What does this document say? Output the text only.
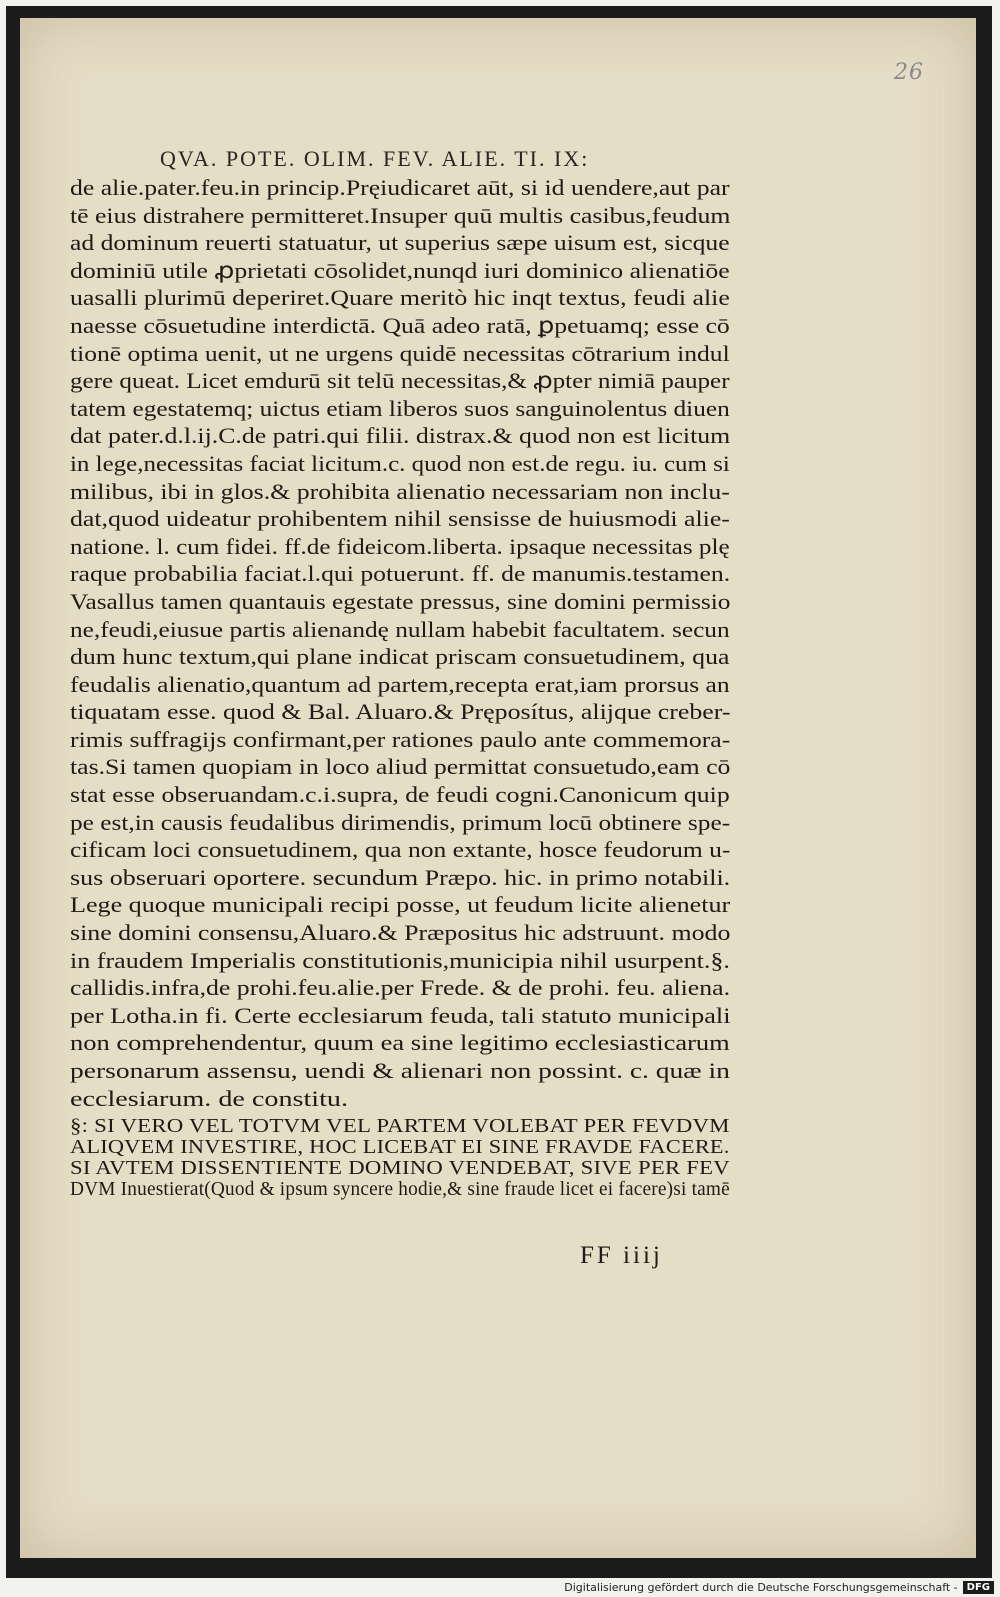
26
QVA. POTE. OLIM. FEV. ALIE. TI. IX:
de alie.pater.feu.in princip.Pręiudicaret aūt, si id uendere,aut par
tē eius distrahere permitteret.Insuper quū multis casibus,feudum
ad dominum reuerti statuatur, ut superius sæpe uisum est, sicque
dominiū utile ꝓprietati cōsolidet,nunqd iuri dominico alienatiōe
uasalli plurimū deperiret.Quare meritò hic inqt textus, feudi alie
naesse cōsuetudine interdictā. Quā adeo ratā, ꝑpetuamq; esse cō
tionē optima uenit, ut ne urgens quidē necessitas cōtrarium indul
gere queat. Licet emdurū sit telū necessitas,& ꝓpter nimiā pauper
tatem egestatemq; uictus etiam liberos suos sanguinolentus diuen
dat pater.d.l.ij.C.de patri.qui filii. distrax.& quod non est licitum
in lege,necessitas faciat licitum.c. quod non est.de regu. iu. cum si
milibus, ibi in glos.& prohibita alienatio necessariam non inclu-
dat,quod uideatur prohibentem nihil sensisse de huiusmodi alie-
natione. l. cum fidei. ff.de fideicom.liberta. ipsaque necessitas plę
raque probabilia faciat.l.qui potuerunt. ff. de manumis.testamen.
Vasallus tamen quantauis egestate pressus, sine domini permissio
ne,feudi,eiusue partis alienandę nullam habebit facultatem. secun
dum hunc textum,qui plane indicat priscam consuetudinem, qua
feudalis alienatio,quantum ad partem,recepta erat,iam prorsus an
tiquatam esse. quod & Bal. Aluaro.& Pręposítus, alijque creber-
rimis suffragijs confirmant,per rationes paulo ante commemora-
tas.Si tamen quopiam in loco aliud permittat consuetudo,eam cō
stat esse obseruandam.c.i.supra, de feudi cogni.Canonicum quip
pe est,in causis feudalibus dirimendis, primum locū obtinere spe-
cificam loci consuetudinem, qua non extante, hosce feudorum u-
sus obseruari oportere. secundum Præpo. hic. in primo notabili.
Lege quoque municipali recipi posse, ut feudum licite alienetur
sine domini consensu,Aluaro.& Præpositus hic adstruunt. modo
in fraudem Imperialis constitutionis,municipia nihil usurpent.§.
callidis.infra,de prohi.feu.alie.per Frede. & de prohi. feu. aliena.
per Lotha.in fi. Certe ecclesiarum feuda, tali statuto municipali
non comprehendentur, quum ea sine legitimo ecclesiasticarum
personarum assensu, uendi & alienari non possint. c. quæ in
ecclesiarum. de constitu.
§: SI VERO VEL TOTVM VEL PARTEM VOLEBAT PER FEVDVM
ALIQVEM INVESTIRE, HOC LICEBAT EI SINE FRAVDE FACERE.
SI AVTEM DISSENTIENTE DOMINO VENDEBAT, SIVE PER FEV
DVM Inuestierat(Quod & ipsum syncere hodie,& sine fraude licet ei facere)si tamē
FF iiij
Digitalisierung gefördert durch die Deutsche Forschungsgemeinschaft - DFG
